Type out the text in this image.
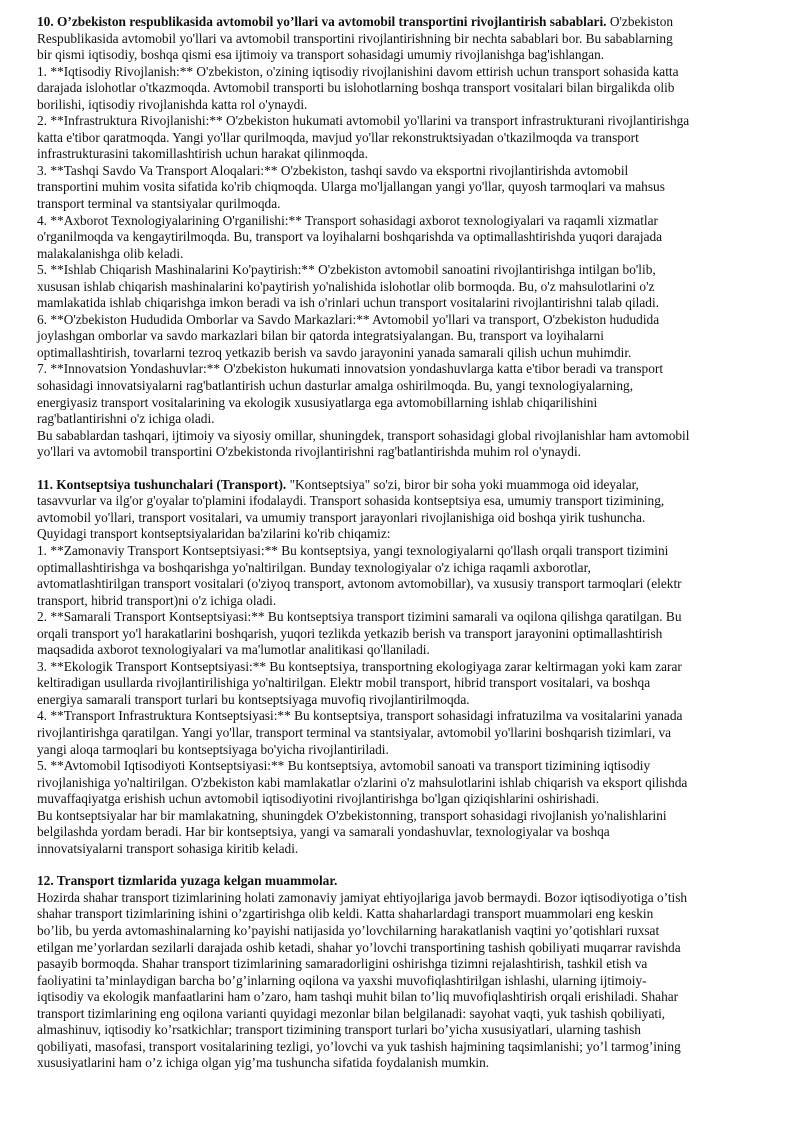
10. O’zbekiston respublikasida avtomobil yo’llari va avtomobil transportini rivojlantirish sabablari. O'zbekiston
Respublikasida avtomobil yo'llari va avtomobil transportini rivojlantirishning bir nechta sabablari bor. Bu sabablarning
bir qismi iqtisodiy, boshqa qismi esa ijtimoiy va transport sohasidagi umumiy rivojlanishga bag'ishlangan.
1. **Iqtisodiy Rivojlanish:** O'zbekiston, o'zining iqtisodiy rivojlanishini davom ettirish uchun transport sohasida katta
darajada islohotlar o'tkazmoqda. Avtomobil transporti bu islohotlarning boshqa transport vositalari bilan birgalikda olib
borilishi, iqtisodiy rivojlanishda katta rol o'ynaydi.
2. **Infrastruktura Rivojlanishi:** O'zbekiston hukumati avtomobil yo'llarini va transport infrastrukturani rivojlantirishga
katta e'tibor qaratmoqda. Yangi yo'llar qurilmoqda, mavjud yo'llar rekonstruktsiyadan o'tkazilmoqda va transport
infrastrukturasini takomillashtirish uchun harakat qilinmoqda.
3. **Tashqi Savdo Va Transport Aloqalari:** O'zbekiston, tashqi savdo va eksportni rivojlantirishda avtomobil
transportini muhim vosita sifatida ko'rib chiqmoqda. Ularga mo'ljallangan yangi yo'llar, quyosh tarmoqlari va mahsus
transport terminal va stantsiyalar qurilmoqda.
4. **Axborot Texnologiyalarining O'rganilishi:** Transport sohasidagi axborot texnologiyalari va raqamli xizmatlar
o'rganilmoqda va kengaytirilmoqda. Bu, transport va loyihalarni boshqarishda va optimallashtirishda yuqori darajada
malakalanishga olib keladi.
5. **Ishlab Chiqarish Mashinalarini Ko'paytirish:** O'zbekiston avtomobil sanoatini rivojlantirishga intilgan bo'lib,
xususan ishlab chiqarish mashinalarini ko'paytirish yo'nalishida islohotlar olib bormoqda. Bu, o'z mahsulotlarini o'z
mamlakatida ishlab chiqarishga imkon beradi va ish o'rinlari uchun transport vositalarini rivojlantirishni talab qiladi.
6. **O'zbekiston Hududida Omborlar va Savdo Markazlari:** Avtomobil yo'llari va transport, O'zbekiston hududida
joylashgan omborlar va savdo markazlari bilan bir qatorda integratsiyalangan. Bu, transport va loyihalarni
optimallashtirish, tovarlarni tezroq yetkazib berish va savdo jarayonini yanada samarali qilish uchun muhimdir.
7. **Innovatsion Yondashuvlar:** O'zbekiston hukumati innovatsion yondashuvlarga katta e'tibor beradi va transport
sohasidagi innovatsiyalarni rag'batlantirish uchun dasturlar amalga oshirilmoqda. Bu, yangi texnologiyalarning,
energiyasiz transport vositalarining va ekologik xususiyatlarga ega avtomobillarning ishlab chiqarilishini
rag'batlantirishni o'z ichiga oladi.
Bu sabablardan tashqari, ijtimoiy va siyosiy omillar, shuningdek, transport sohasidagi global rivojlanishlar ham avtomobil
yo'llari va avtomobil transportini O'zbekistonda rivojlantirishni rag'batlantirishda muhim rol o'ynaydi.
11. Kontseptsiya tushunchalari (Transport). "Kontseptsiya" so'zi, biror bir soha yoki muammoga oid ideyalar,
tasavvurlar va ilg'or g'oyalar to'plamini ifodalaydi. Transport sohasida kontseptsiya esa, umumiy transport tizimining,
avtomobil yo'llari, transport vositalari, va umumiy transport jarayonlari rivojlanishiga oid boshqa yirik tushuncha.
Quyidagi transport kontseptsiyalaridan ba'zilarini ko'rib chiqamiz:
1. **Zamonaviy Transport Kontseptsiyasi:** Bu kontseptsiya, yangi texnologiyalarni qo'llash orqali transport tizimini
optimallashtirishga va boshqarishga yo'naltirilgan. Bunday texnologiyalar o'z ichiga raqamli axborotlar,
avtomatlashtirilgan transport vositalari (o'ziyoq transport, avtonom avtomobillar), va xususiy transport tarmoqlari (elektr
transport, hibrid transport)ni o'z ichiga oladi.
2. **Samarali Transport Kontseptsiyasi:** Bu kontseptsiya transport tizimini samarali va oqilona qilishga qaratilgan. Bu
orqali transport yo'l harakatlarini boshqarish, yuqori tezlikda yetkazib berish va transport jarayonini optimallashtirish
maqsadida axborot texnologiyalari va ma'lumotlar analitikasi qo'llaniladi.
3. **Ekologik Transport Kontseptsiyasi:** Bu kontseptsiya, transportning ekologiyaga zarar keltirmagan yoki kam zarar
keltiradigan usullarda rivojlantirilishiga yo'naltirilgan. Elektr mobil transport, hibrid transport vositalari, va boshqa
energiya samarali transport turlari bu kontseptsiyaga muvofiq rivojlantirilmoqda.
4. **Transport Infrastruktura Kontseptsiyasi:** Bu kontseptsiya, transport sohasidagi infratuzilma va vositalarini yanada
rivojlantirishga qaratilgan. Yangi yo'llar, transport terminal va stantsiyalar, avtomobil yo'llarini boshqarish tizimlari, va
yangi aloqa tarmoqlari bu kontseptsiyaga bo'yicha rivojlantiriladi.
5. **Avtomobil Iqtisodiyoti Kontseptsiyasi:** Bu kontseptsiya, avtomobil sanoati va transport tizimining iqtisodiy
rivojlanishiga yo'naltirilgan. O'zbekiston kabi mamlakatlar o'zlarini o'z mahsulotlarini ishlab chiqarish va eksport qilishda
muvaffaqiyatga erishish uchun avtomobil iqtisodiyotini rivojlantirishga bo'lgan qiziqishlarini oshirishadi.
Bu kontseptsiyalar har bir mamlakatning, shuningdek O'zbekistonning, transport sohasidagi rivojlanish yo'nalishlarini
belgilashda yordam beradi. Har bir kontseptsiya, yangi va samarali yondashuvlar, texnologiyalar va boshqa
innovatsiyalarni transport sohasiga kiritib keladi.
12. Transport tizmlarida yuzaga kelgan muammolar.
Hozirda shahar transport tizimlarining holati zamonaviy jamiyat ehtiyojlariga javob bermaydi. Bozor iqtisodiyotiga o’tish
shahar transport tizimlarining ishini o’zgartirishga olib keldi. Katta shaharlardagi transport muammolari eng keskin
bo’lib, bu yerda avtomashinalarning ko’payishi natijasida yo’lovchilarning harakatlanish vaqtini yo’qotishlari ruxsat
etilgan me’yorlardan sezilarli darajada oshib ketadi, shahar yo’lovchi transportining tashish qobiliyati muqarrar ravishda
pasayib bormoqda. Shahar transport tizimlarining samaradorligini oshirishga tizimni rejalashtirish, tashkil etish va
faoliyatini ta’minlaydigan barcha bo’g’inlarning oqilona va yaxshi muvofiqlashtirilgan ishlashi, ularning ijtimoiy-
iqtisodiy va ekologik manfaatlarini ham o’zaro, ham tashqi muhit bilan to’liq muvofiqlashtirish orqali erishiladi. Shahar
transport tizimlarining eng oqilona varianti quyidagi mezonlar bilan belgilanadi: sayohat vaqti, yuk tashish qobiliyati,
almashinuv, iqtisodiy ko’rsatkichlar; transport tizimining transport turlari bo’yicha xususiyatlari, ularning tashish
qobiliyati, masofasi, transport vositalarining tezligi, yo’lovchi va yuk tashish hajmining taqsimlanishi; yo’l tarmog’ining
xususiyatlarini ham o’z ichiga olgan yig’ma tushuncha sifatida foydalanish mumkin.
